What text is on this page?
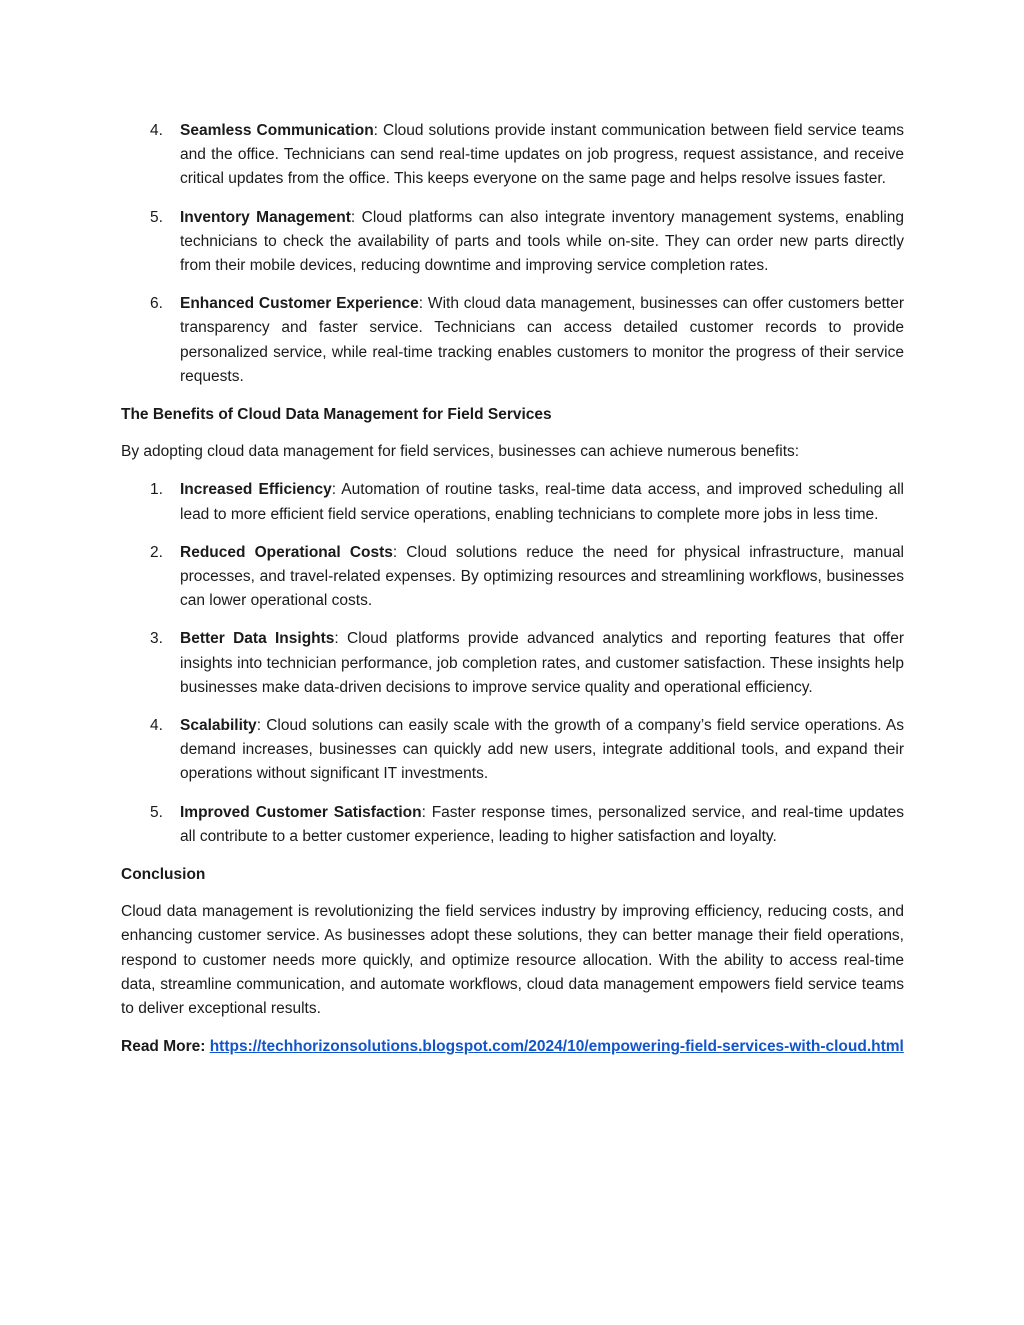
4. Seamless Communication: Cloud solutions provide instant communication between field service teams and the office. Technicians can send real-time updates on job progress, request assistance, and receive critical updates from the office. This keeps everyone on the same page and helps resolve issues faster.
5. Inventory Management: Cloud platforms can also integrate inventory management systems, enabling technicians to check the availability of parts and tools while on-site. They can order new parts directly from their mobile devices, reducing downtime and improving service completion rates.
6. Enhanced Customer Experience: With cloud data management, businesses can offer customers better transparency and faster service. Technicians can access detailed customer records to provide personalized service, while real-time tracking enables customers to monitor the progress of their service requests.

The Benefits of Cloud Data Management for Field Services

By adopting cloud data management for field services, businesses can achieve numerous benefits:

1. Increased Efficiency: Automation of routine tasks, real-time data access, and improved scheduling all lead to more efficient field service operations, enabling technicians to complete more jobs in less time.
2. Reduced Operational Costs: Cloud solutions reduce the need for physical infrastructure, manual processes, and travel-related expenses. By optimizing resources and streamlining workflows, businesses can lower operational costs.
3. Better Data Insights: Cloud platforms provide advanced analytics and reporting features that offer insights into technician performance, job completion rates, and customer satisfaction. These insights help businesses make data-driven decisions to improve service quality and operational efficiency.
4. Scalability: Cloud solutions can easily scale with the growth of a company’s field service operations. As demand increases, businesses can quickly add new users, integrate additional tools, and expand their operations without significant IT investments.
5. Improved Customer Satisfaction: Faster response times, personalized service, and real-time updates all contribute to a better customer experience, leading to higher satisfaction and loyalty.

Conclusion

Cloud data management is revolutionizing the field services industry by improving efficiency, reducing costs, and enhancing customer service. As businesses adopt these solutions, they can better manage their field operations, respond to customer needs more quickly, and optimize resource allocation. With the ability to access real-time data, streamline communication, and automate workflows, cloud data management empowers field service teams to deliver exceptional results.

Read More: https://techhorizonsolutions.blogspot.com/2024/10/empowering-field-services-with-cloud.html
